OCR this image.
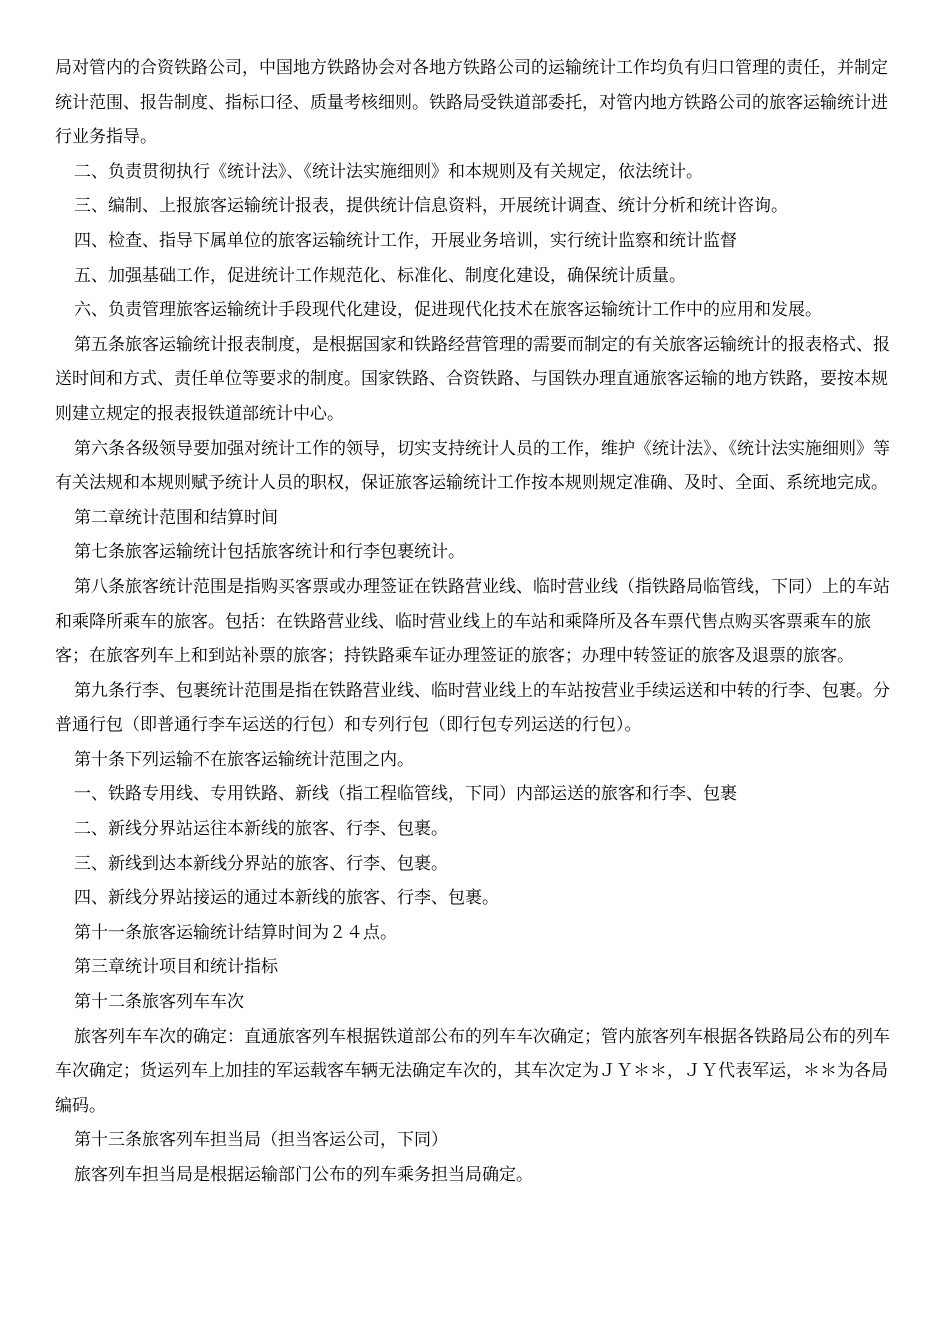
局对管内的合资铁路公司，中国地方铁路协会对各地方铁路公司的运输统计工作均负有归口管理的责任，并制定统计范围、报告制度、指标口径、质量考核细则。铁路局受铁道部委托，对管内地方铁路公司的旅客运输统计进行业务指导。

二、负责贯彻执行《统计法》、《统计法实施细则》和本规则及有关规定，依法统计。

三、编制、上报旅客运输统计报表，提供统计信息资料，开展统计调查、统计分析和统计咨询。

四、检查、指导下属单位的旅客运输统计工作，开展业务培训，实行统计监察和统计监督

五、加强基础工作，促进统计工作规范化、标准化、制度化建设，确保统计质量。

六、负责管理旅客运输统计手段现代化建设，促进现代化技术在旅客运输统计工作中的应用和发展。

第五条旅客运输统计报表制度，是根据国家和铁路经营管理的需要而制定的有关旅客运输统计的报表格式、报送时间和方式、责任单位等要求的制度。国家铁路、合资铁路、与国铁办理直通旅客运输的地方铁路，要按本规则建立规定的报表报铁道部统计中心。

第六条各级领导要加强对统计工作的领导，切实支持统计人员的工作，维护《统计法》、《统计法实施细则》等有关法规和本规则赋予统计人员的职权，保证旅客运输统计工作按本规则规定准确、及时、全面、系统地完成。

第二章统计范围和结算时间

第七条旅客运输统计包括旅客统计和行李包裹统计。

第八条旅客统计范围是指购买客票或办理签证在铁路营业线、临时营业线（指铁路局临管线，下同）上的车站和乘降所乘车的旅客。包括：在铁路营业线、临时营业线上的车站和乘降所及各车票代售点购买客票乘车的旅客；在旅客列车上和到站补票的旅客；持铁路乘车证办理签证的旅客；办理中转签证的旅客及退票的旅客。

第九条行李、包裹统计范围是指在铁路营业线、临时营业线上的车站按营业手续运送和中转的行李、包裹。分普通行包（即普通行李车运送的行包）和专列行包（即行包专列运送的行包）。

第十条下列运输不在旅客运输统计范围之内。

一、铁路专用线、专用铁路、新线（指工程临管线，下同）内部运送的旅客和行李、包裹

二、新线分界站运往本新线的旅客、行李、包裹。

三、新线到达本新线分界站的旅客、行李、包裹。

四、新线分界站接运的通过本新线的旅客、行李、包裹。

第十一条旅客运输统计结算时间为２４点。

第三章统计项目和统计指标

第十二条旅客列车车次

旅客列车车次的确定：直通旅客列车根据铁道部公布的列车车次确定；管内旅客列车根据各铁路局公布的列车车次确定；货运列车上加挂的军运载客车辆无法确定车次的，其车次定为ＪＹ＊＊，ＪＹ代表军运，＊＊为各局编码。

第十三条旅客列车担当局（担当客运公司，下同）

旅客列车担当局是根据运输部门公布的列车乘务担当局确定。
